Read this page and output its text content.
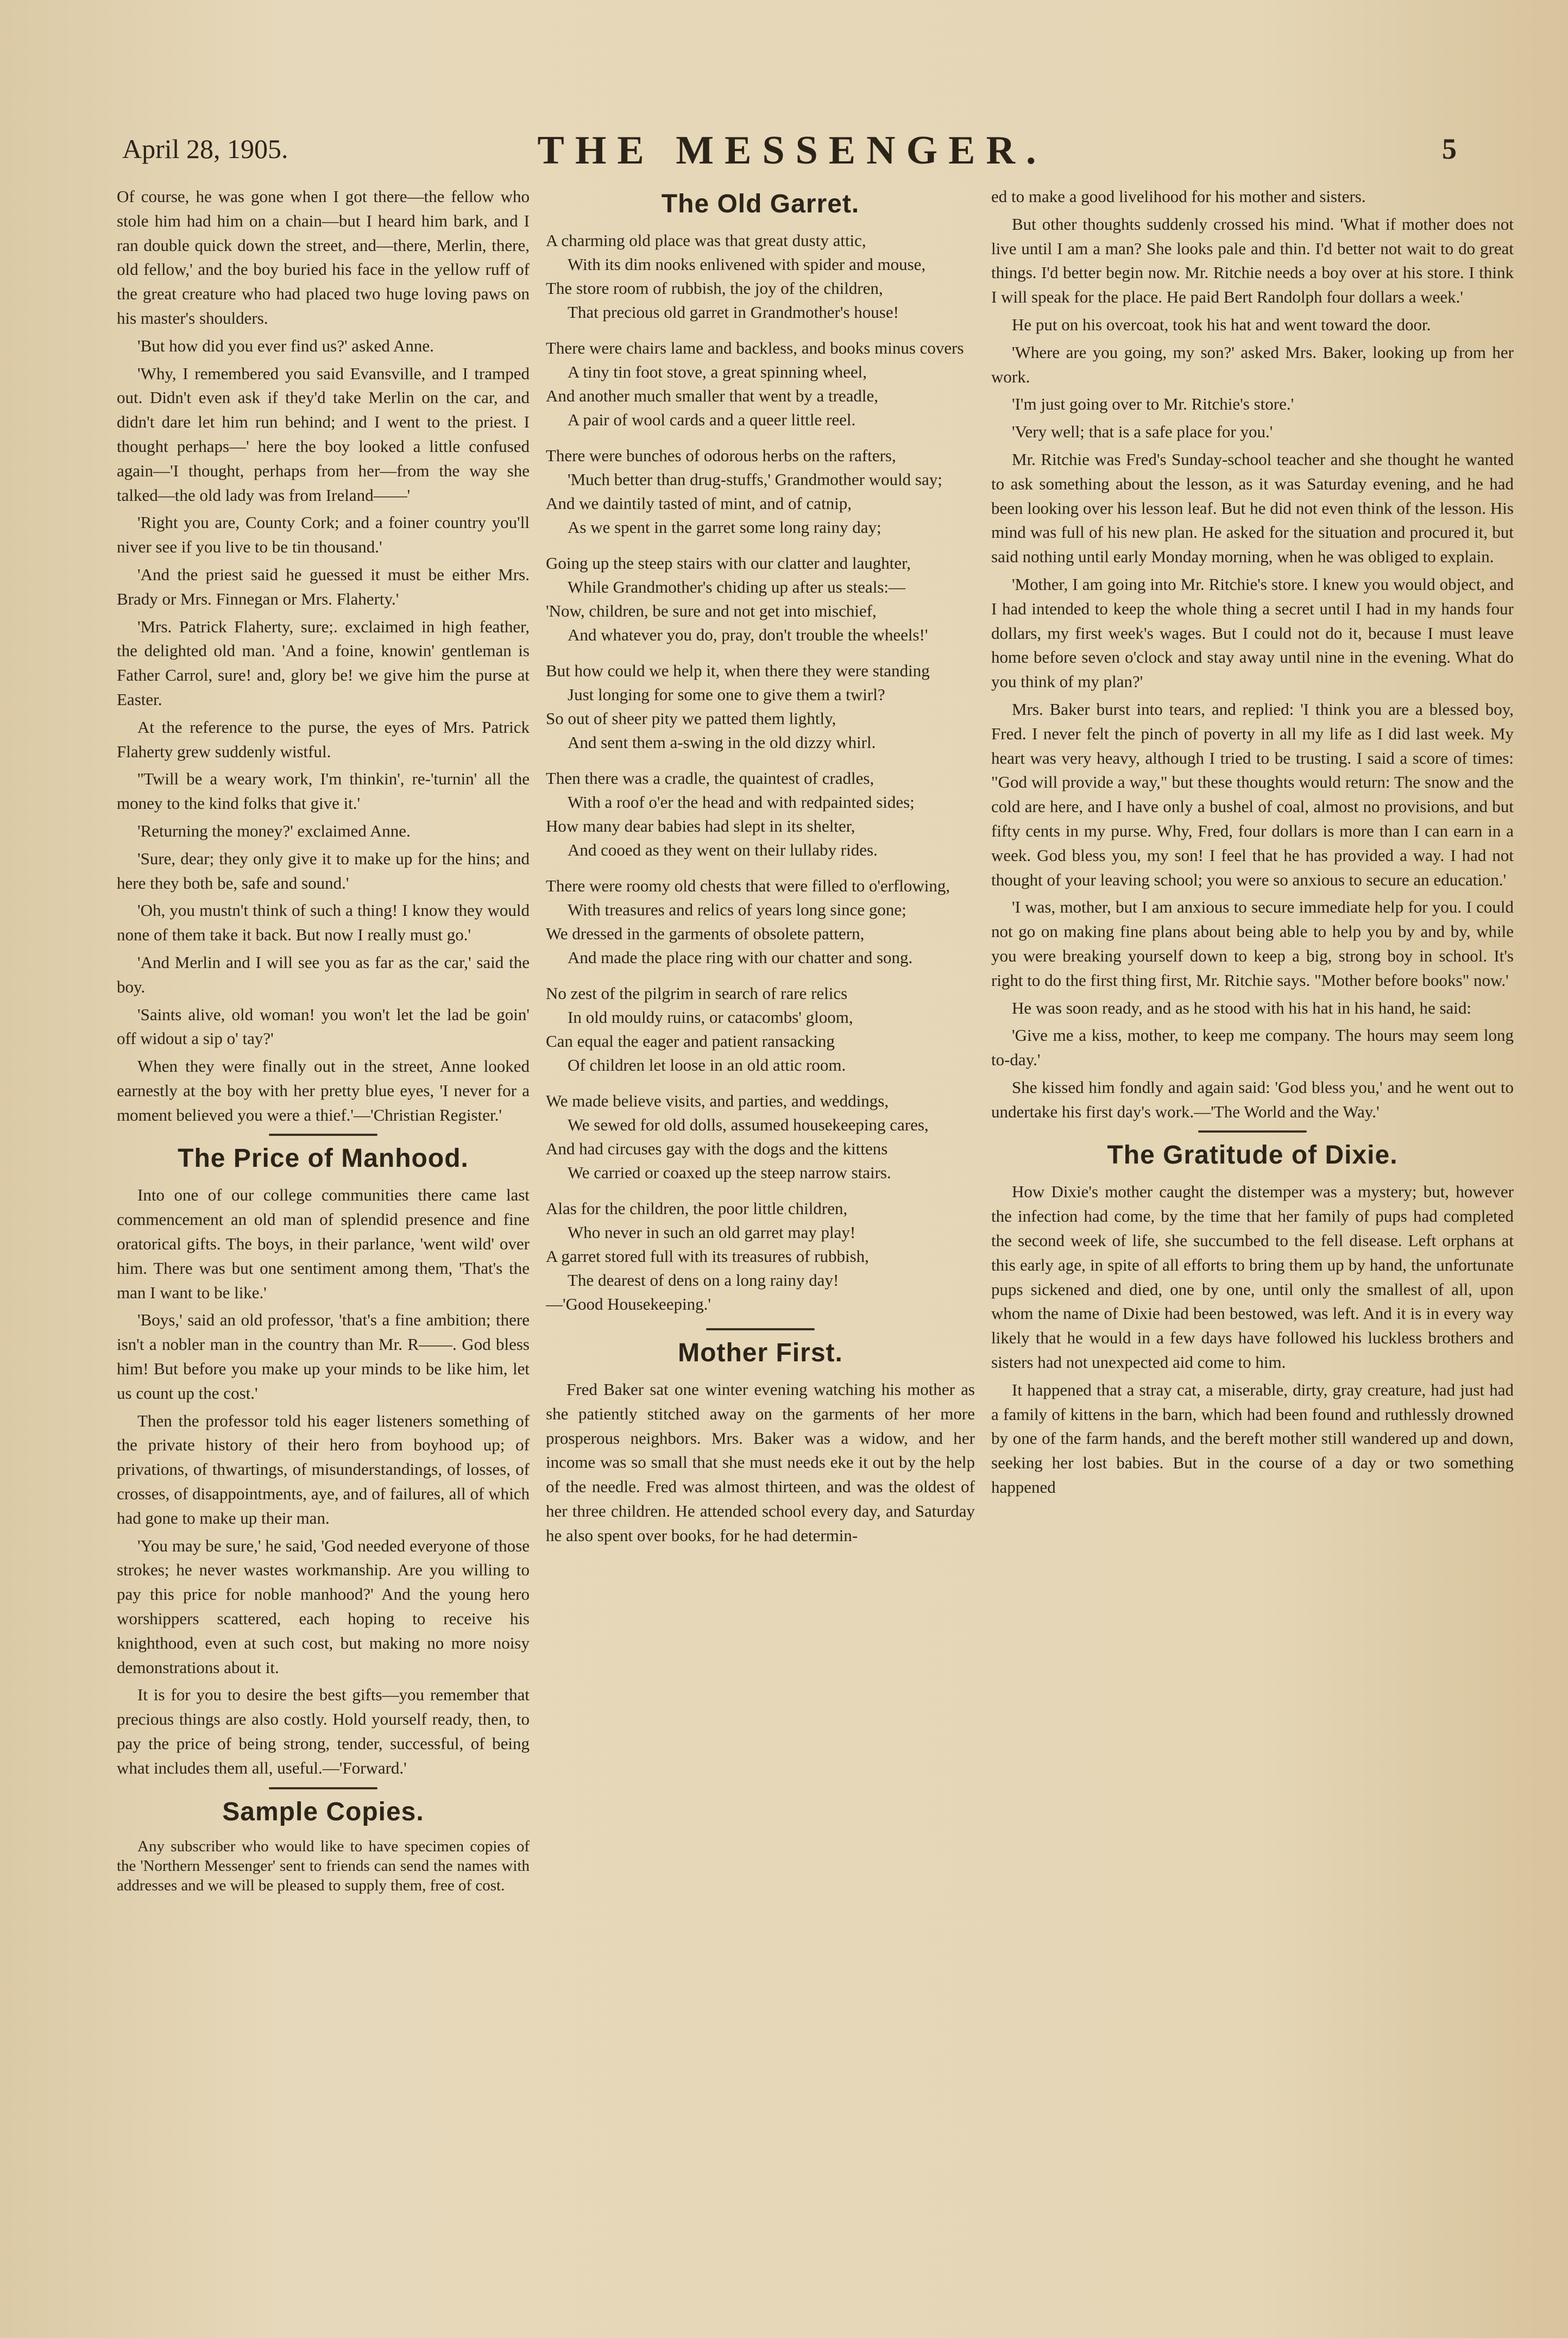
April 28, 1905.	THE MESSENGER.	5

Of course, he was gone when I got there—the fellow who stole him had him on a chain—but I heard him bark, and I ran double quick down the street, and—there, Merlin, there, old fellow,' and the boy buried his face in the yellow ruff of the great creature who had placed two huge loving paws on his master's shoulders.

'But how did you ever find us?' asked Anne.

'Why, I remembered you said Evansville, and I tramped out. Didn't even ask if they'd take Merlin on the car, and didn't dare let him run behind; and I went to the priest. I thought perhaps—' here the boy looked a little confused again—'I thought, perhaps from her—from the way she talked—the old lady was from Ireland——'

'Right you are, County Cork; and a foiner country you'll niver see if you live to be tin thousand.'

'And the priest said he guessed it must be either Mrs. Brady or Mrs. Finnegan or Mrs. Flaherty.'

'Mrs. Patrick Flaherty, sure;. exclaimed in high feather, the delighted old man. 'And a foine, knowin' gentleman is Father Carrol, sure! and, glory be! we give him the purse at Easter.

At the reference to the purse, the eyes of Mrs. Patrick Flaherty grew suddenly wistful.

''Twill be a weary work, I'm thinkin', re-'turnin' all the money to the kind folks that give it.'

'Returning the money?' exclaimed Anne.

'Sure, dear; they only give it to make up for the hins; and here they both be, safe and sound.'

'Oh, you mustn't think of such a thing! I know they would none of them take it back. But now I really must go.'

'And Merlin and I will see you as far as the car,' said the boy.

'Saints alive, old woman! you won't let the lad be goin' off widout a sip o' tay?'

When they were finally out in the street, Anne looked earnestly at the boy with her pretty blue eyes, 'I never for a moment believed you were a thief.'—'Christian Register.'

The Price of Manhood.

Into one of our college communities there came last commencement an old man of splendid presence and fine oratorical gifts. The boys, in their parlance, 'went wild' over him. There was but one sentiment among them, 'That's the man I want to be like.'

'Boys,' said an old professor, 'that's a fine ambition; there isn't a nobler man in the country than Mr. R——. God bless him! But before you make up your minds to be like him, let us count up the cost.'

Then the professor told his eager listeners something of the private history of their hero from boyhood up; of privations, of thwartings, of misunderstandings, of losses, of crosses, of disappointments, aye, and of failures, all of which had gone to make up their man.

'You may be sure,' he said, 'God needed everyone of those strokes; he never wastes workmanship. Are you willing to pay this price for noble manhood?' And the young hero worshippers scattered, each hoping to receive his knighthood, even at such cost, but making no more noisy demonstrations about it.

It is for you to desire the best gifts—you remember that precious things are also costly. Hold yourself ready, then, to pay the price of being strong, tender, successful, of being what includes them all, useful.—'Forward.'

Sample Copies.

Any subscriber who would like to have specimen copies of the 'Northern Messenger' sent to friends can send the names with addresses and we will be pleased to supply them, free of cost.

The Old Garret.
A charming old place was that great dusty attic,
With its dim nooks enlivened with spider and mouse,
The store room of rubbish, the joy of the children,
That precious old garret in Grandmother's house!
There were chairs lame and backless, and books minus covers
A tiny tin foot stove, a great spinning wheel,
And another much smaller that went by a treadle,
A pair of wool cards and a queer little reel.
There were bunches of odorous herbs on the rafters,
'Much better than drug-stuffs,' Grandmother would say;
And we daintily tasted of mint, and of catnip,
As we spent in the garret some long rainy day;
Going up the steep stairs with our clatter and laughter,
While Grandmother's chiding up after us steals:—
'Now, children, be sure and not get into mischief,
And whatever you do, pray, don't trouble the wheels!'
But how could we help it, when there they were standing
Just longing for some one to give them a twirl?
So out of sheer pity we patted them lightly,
And sent them a-swing in the old dizzy whirl.
Then there was a cradle, the quaintest of cradles,
With a roof o'er the head and with redpainted sides;
How many dear babies had slept in its shelter,
And cooed as they went on their lullaby rides.
There were roomy old chests that were filled to o'erflowing,
With treasures and relics of years long since gone;
We dressed in the garments of obsolete pattern,
And made the place ring with our chatter and song.
No zest of the pilgrim in search of rare relics
In old mouldy ruins, or catacombs' gloom,
Can equal the eager and patient ransacking
Of children let loose in an old attic room.
We made believe visits, and parties, and weddings,
We sewed for old dolls, assumed housekeeping cares,
And had circuses gay with the dogs and the kittens
We carried or coaxed up the steep narrow stairs.
Alas for the children, the poor little children,
Who never in such an old garret may play!
A garret stored full with its treasures of rubbish,
The dearest of dens on a long rainy day!
—'Good Housekeeping.'
Mother First.

Fred Baker sat one winter evening watching his mother as she patiently stitched away on the garments of her more prosperous neighbors. Mrs. Baker was a widow, and her income was so small that she must needs eke it out by the help of the needle. Fred was almost thirteen, and was the oldest of her three children. He attended school every day, and Saturday he also spent over books, for he had determin-

ed to make a good livelihood for his mother and sisters.

But other thoughts suddenly crossed his mind. 'What if mother does not live until I am a man? She looks pale and thin. I'd better not wait to do great things. I'd better begin now. Mr. Ritchie needs a boy over at his store. I think I will speak for the place. He paid Bert Randolph four dollars a week.'

He put on his overcoat, took his hat and went toward the door.

'Where are you going, my son?' asked Mrs. Baker, looking up from her work.

'I'm just going over to Mr. Ritchie's store.'

'Very well; that is a safe place for you.'

Mr. Ritchie was Fred's Sunday-school teacher and she thought he wanted to ask something about the lesson, as it was Saturday evening, and he had been looking over his lesson leaf. But he did not even think of the lesson. His mind was full of his new plan. He asked for the situation and procured it, but said nothing until early Monday morning, when he was obliged to explain.

'Mother, I am going into Mr. Ritchie's store. I knew you would object, and I had intended to keep the whole thing a secret until I had in my hands four dollars, my first week's wages. But I could not do it, because I must leave home before seven o'clock and stay away until nine in the evening. What do you think of my plan?'

Mrs. Baker burst into tears, and replied: 'I think you are a blessed boy, Fred. I never felt the pinch of poverty in all my life as I did last week. My heart was very heavy, although I tried to be trusting. I said a score of times: "God will provide a way," but these thoughts would return: The snow and the cold are here, and I have only a bushel of coal, almost no provisions, and but fifty cents in my purse. Why, Fred, four dollars is more than I can earn in a week. God bless you, my son! I feel that he has provided a way. I had not thought of your leaving school; you were so anxious to secure an education.'

'I was, mother, but I am anxious to secure immediate help for you. I could not go on making fine plans about being able to help you by and by, while you were breaking yourself down to keep a big, strong boy in school. It's right to do the first thing first, Mr. Ritchie says. "Mother before books" now.'

He was soon ready, and as he stood with his hat in his hand, he said:

'Give me a kiss, mother, to keep me company. The hours may seem long to-day.'

She kissed him fondly and again said: 'God bless you,' and he went out to undertake his first day's work.—'The World and the Way.'

The Gratitude of Dixie.

How Dixie's mother caught the distemper was a mystery; but, however the infection had come, by the time that her family of pups had completed the second week of life, she succumbed to the fell disease. Left orphans at this early age, in spite of all efforts to bring them up by hand, the unfortunate pups sickened and died, one by one, until only the smallest of all, upon whom the name of Dixie had been bestowed, was left. And it is in every way likely that he would in a few days have followed his luckless brothers and sisters had not unexpected aid come to him.

It happened that a stray cat, a miserable, dirty, gray creature, had just had a family of kittens in the barn, which had been found and ruthlessly drowned by one of the farm hands, and the bereft mother still wandered up and down, seeking her lost babies. But in the course of a day or two something happened
